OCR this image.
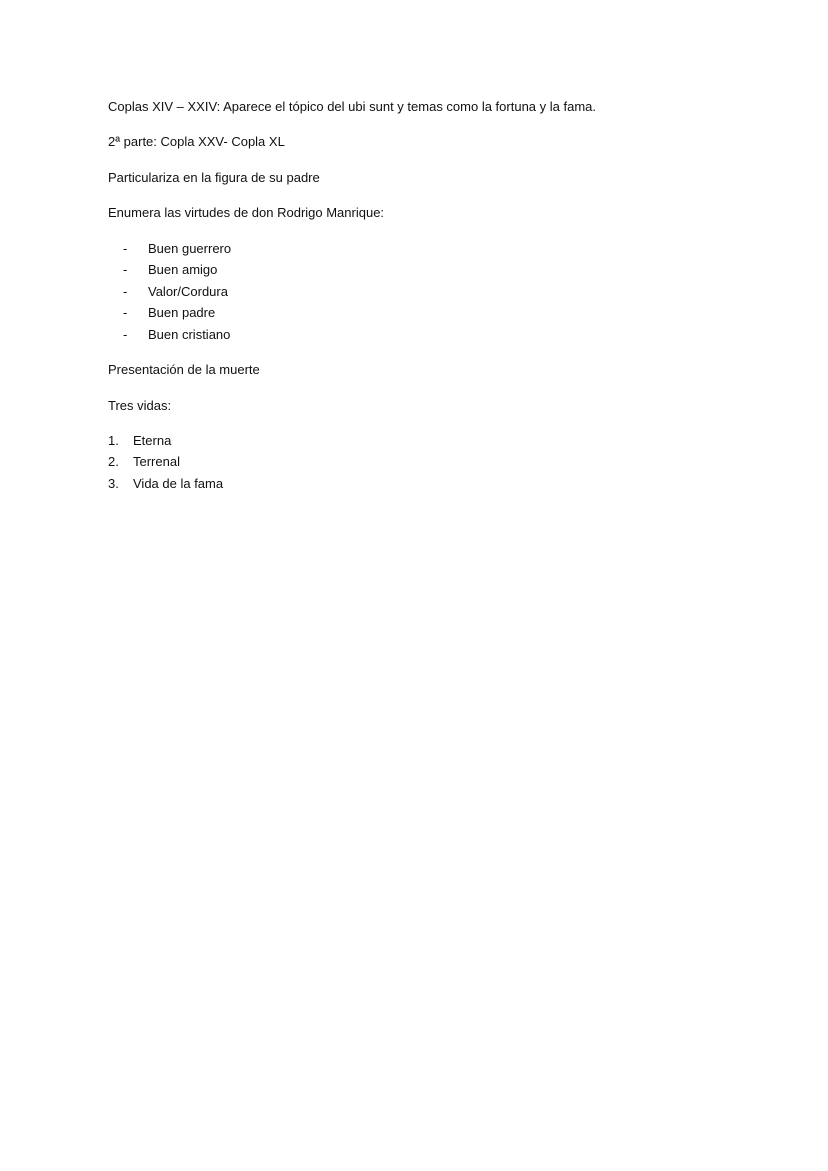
Coplas XIV – XXIV: Aparece el tópico del ubi sunt y temas como la fortuna y la fama.
2ª parte: Copla XXV- Copla XL
Particulariza en la figura de su padre
Enumera las virtudes de don Rodrigo Manrique:
- Buen guerrero
- Buen amigo
- Valor/Cordura
- Buen padre
- Buen cristiano
Presentación de la muerte
Tres vidas:
1. Eterna
2. Terrenal
3. Vida de la fama
